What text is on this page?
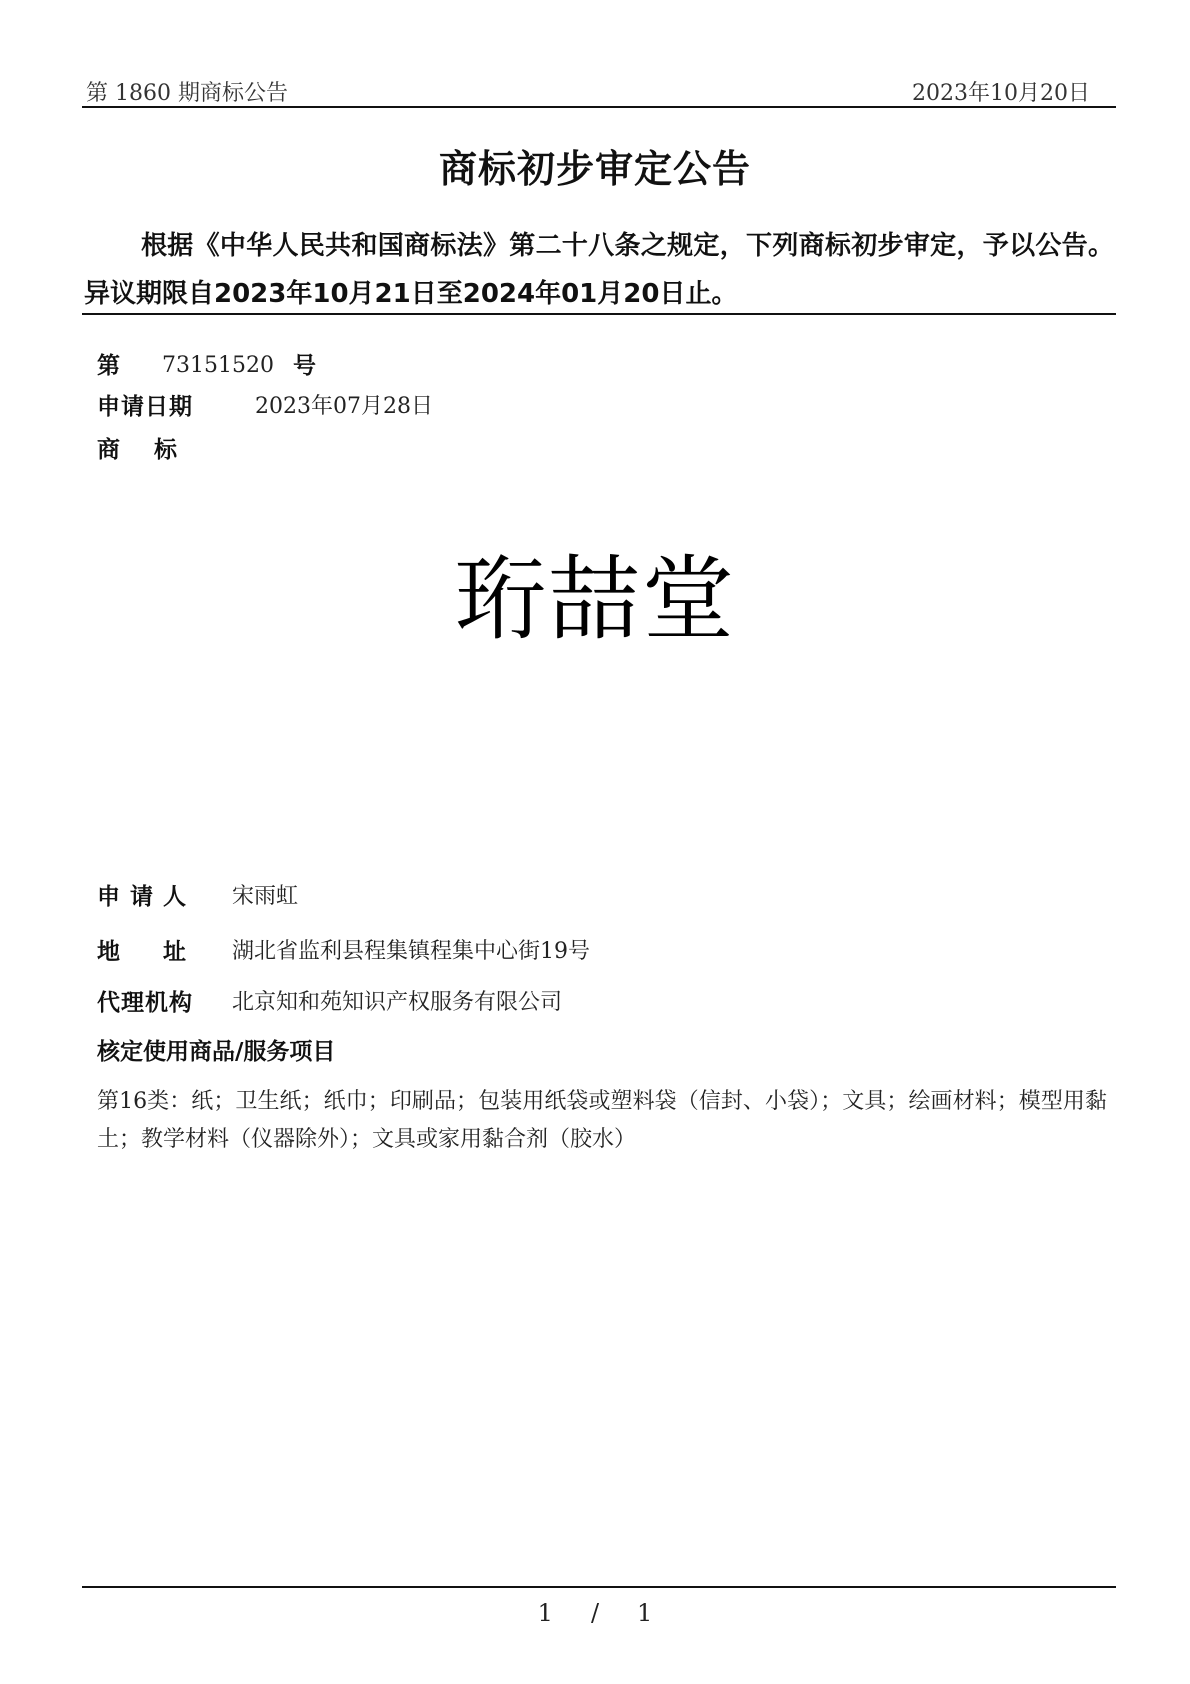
第 1860 期商标公告	2023年10月20日
商标初步审定公告
根据《中华人民共和国商标法》第二十八条之规定，下列商标初步审定，予以公告。异议期限自2023年10月21日至2024年01月20日止。
第 73151520 号
申请日期	2023年07月28日
商标
珩喆堂
申请人 宋雨虹
地址 湖北省监利县程集镇程集中心街19号
代理机构 北京知和苑知识产权服务有限公司
核定使用商品/服务项目
第16类：纸；卫生纸；纸巾；印刷品；包装用纸袋或塑料袋（信封、小袋）；文具；绘画材料；模型用黏土；教学材料（仪器除外）；文具或家用黏合剂（胶水）
1 / 1
